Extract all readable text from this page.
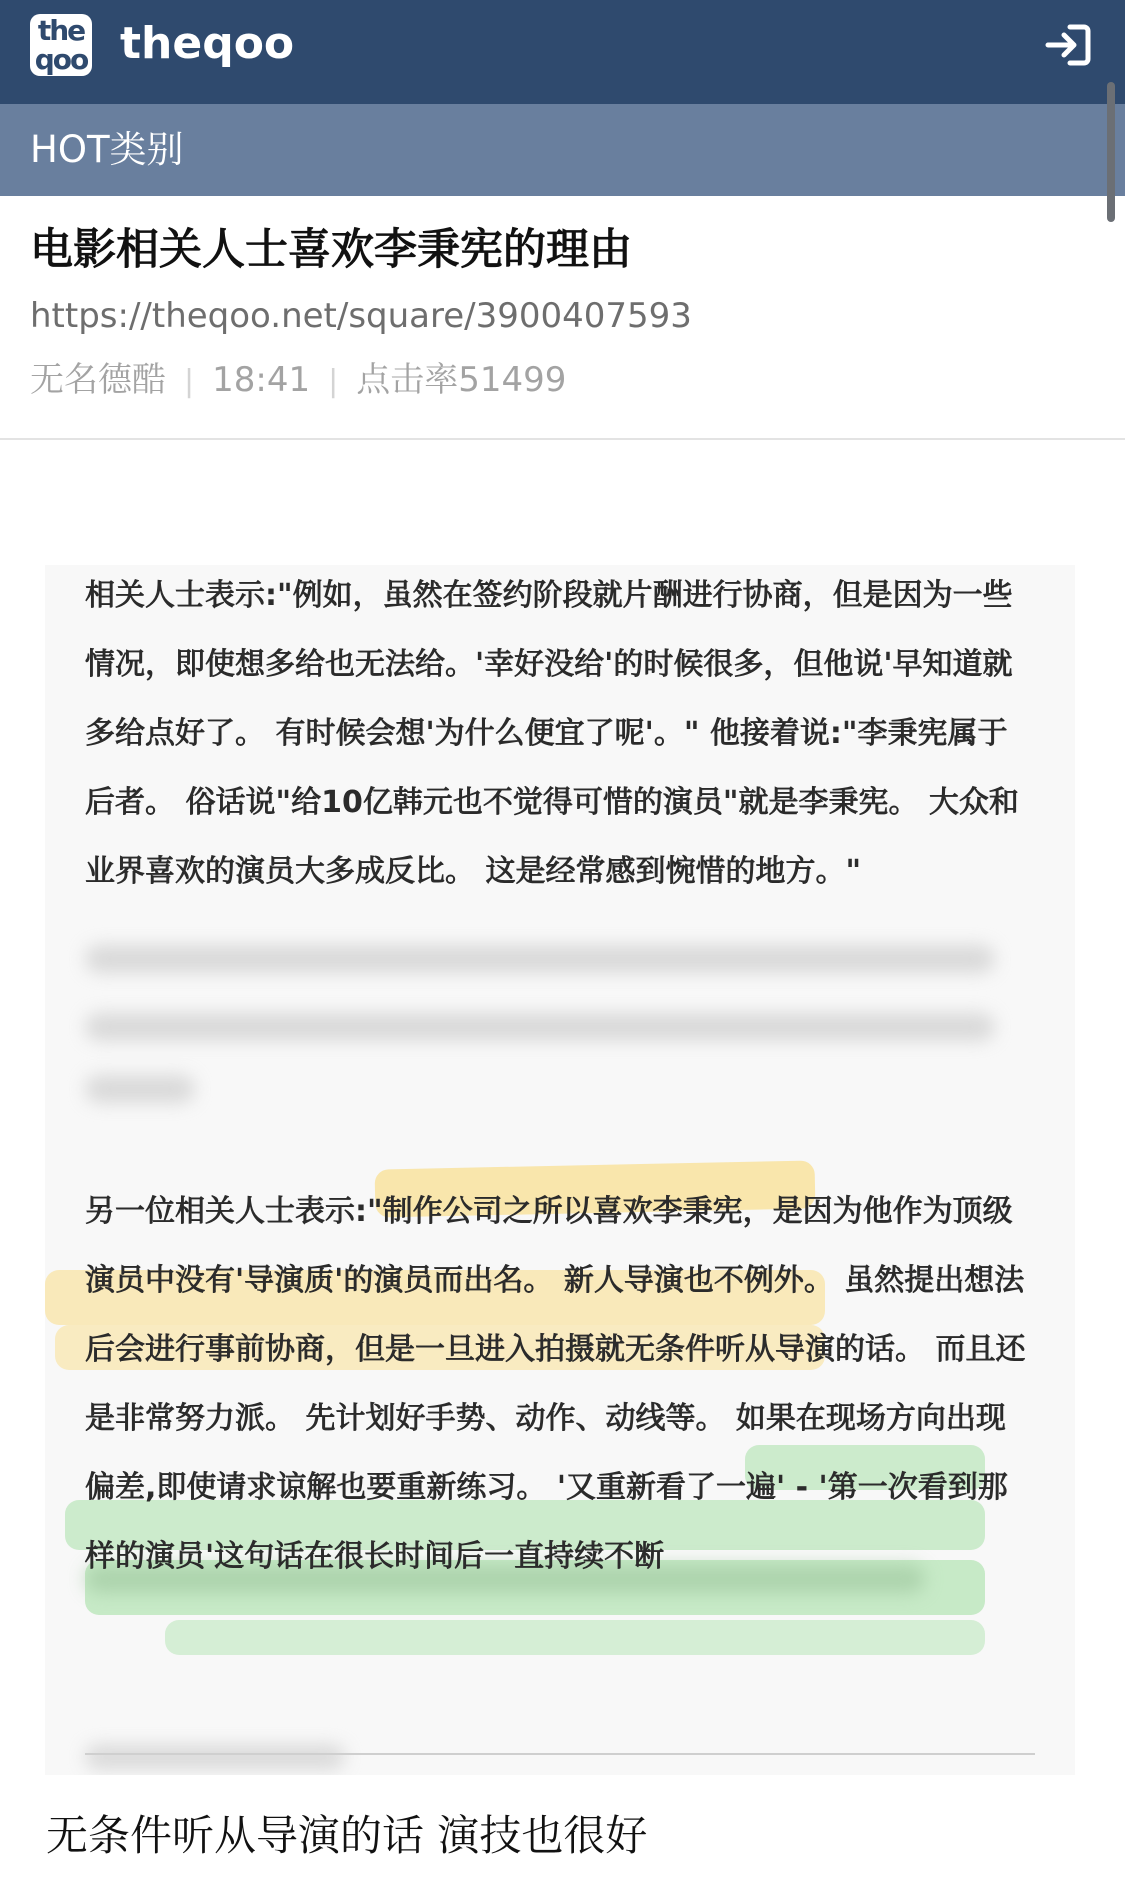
the
qoo theqoo
HOT类别
电影相关人士喜欢李秉宪的理由
https://theqoo.net/square/3900407593
无名德酷 | 18:41 | 点击率51499

相关人士表示:"例如，虽然在签约阶段就片酬进行协商，但是因为一些情况，即使想多给也无法给。'幸好没给'的时候很多，但他说'早知道就多给点好了。 有时候会想'为什么便宜了呢'。" 他接着说:"李秉宪属于后者。 俗话说"给10亿韩元也不觉得可惜的演员"就是李秉宪。 大众和业界喜欢的演员大多成反比。 这是经常感到惋惜的地方。"

另一位相关人士表示:"制作公司之所以喜欢李秉宪，是因为他作为顶级演员中没有'导演质'的演员而出名。 新人导演也不例外。 虽然提出想法后会进行事前协商，但是一旦进入拍摄就无条件听从导演的话。 而且还是非常努力派。 先计划好手势、动作、动线等。 如果在现场方向出现偏差,即使请求谅解也要重新练习。 '又重新看了一遍' - '第一次看到那样的演员'这句话在很长时间后一直持续不断

无条件听从导演的话 演技也很好
